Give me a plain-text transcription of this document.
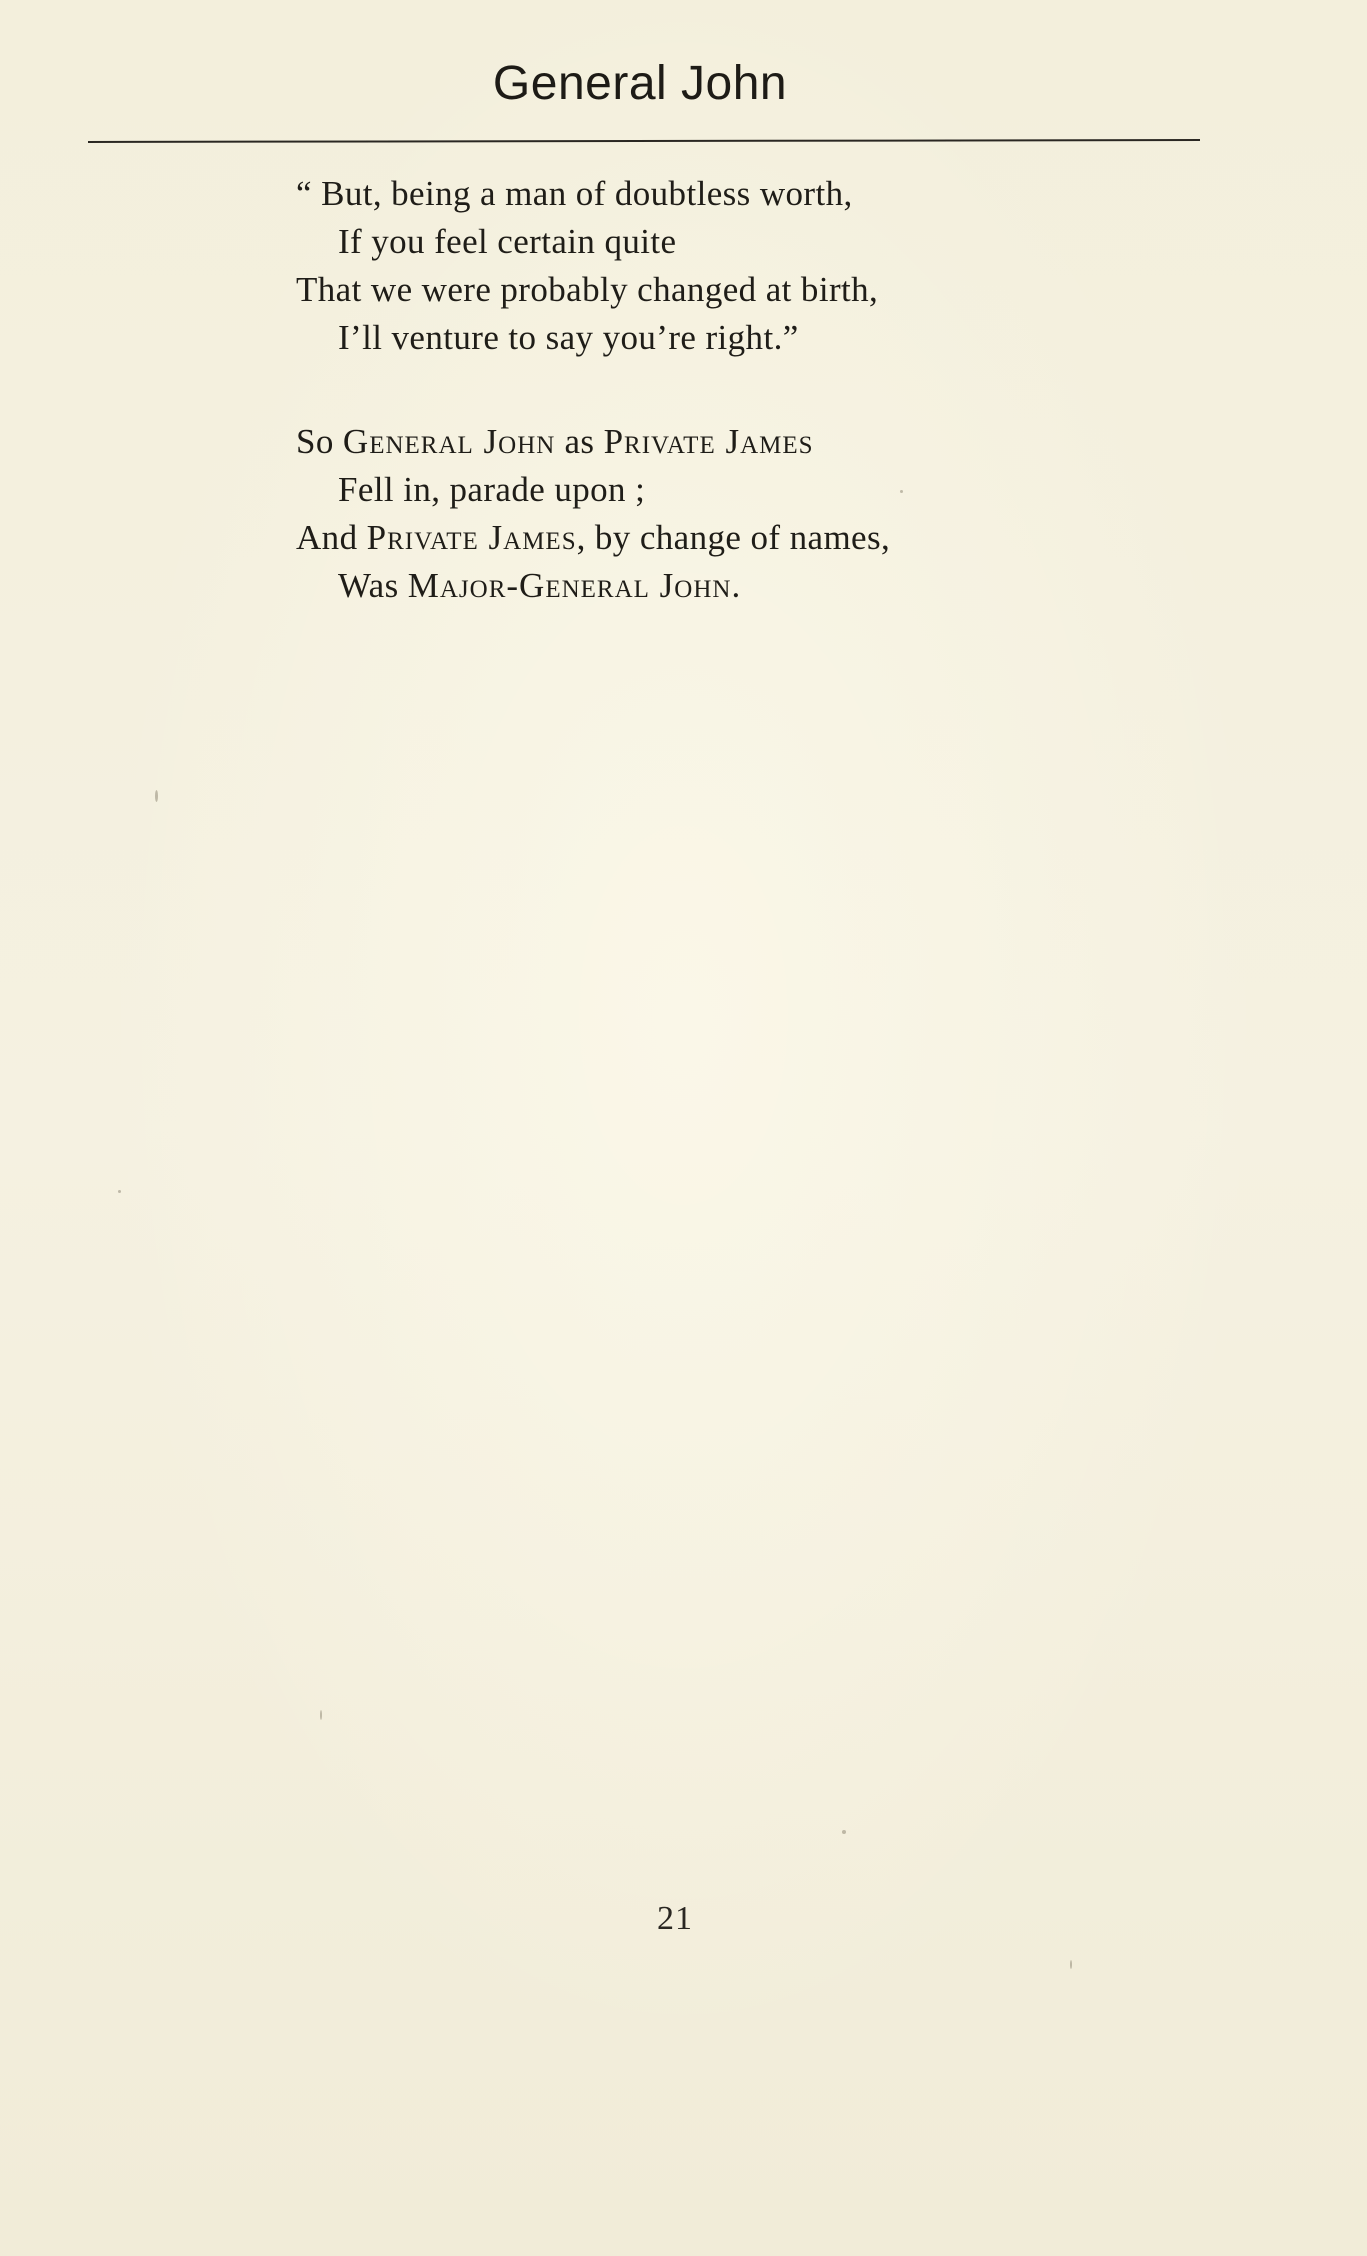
General John
“ But, being a man of doubtless worth,
If you feel certain quite
That we were probably changed at birth,
I’ll venture to say you’re right.”
So General John as Private James
Fell in, parade upon ;
And Private James, by change of names,
Was Major-General John.
21
